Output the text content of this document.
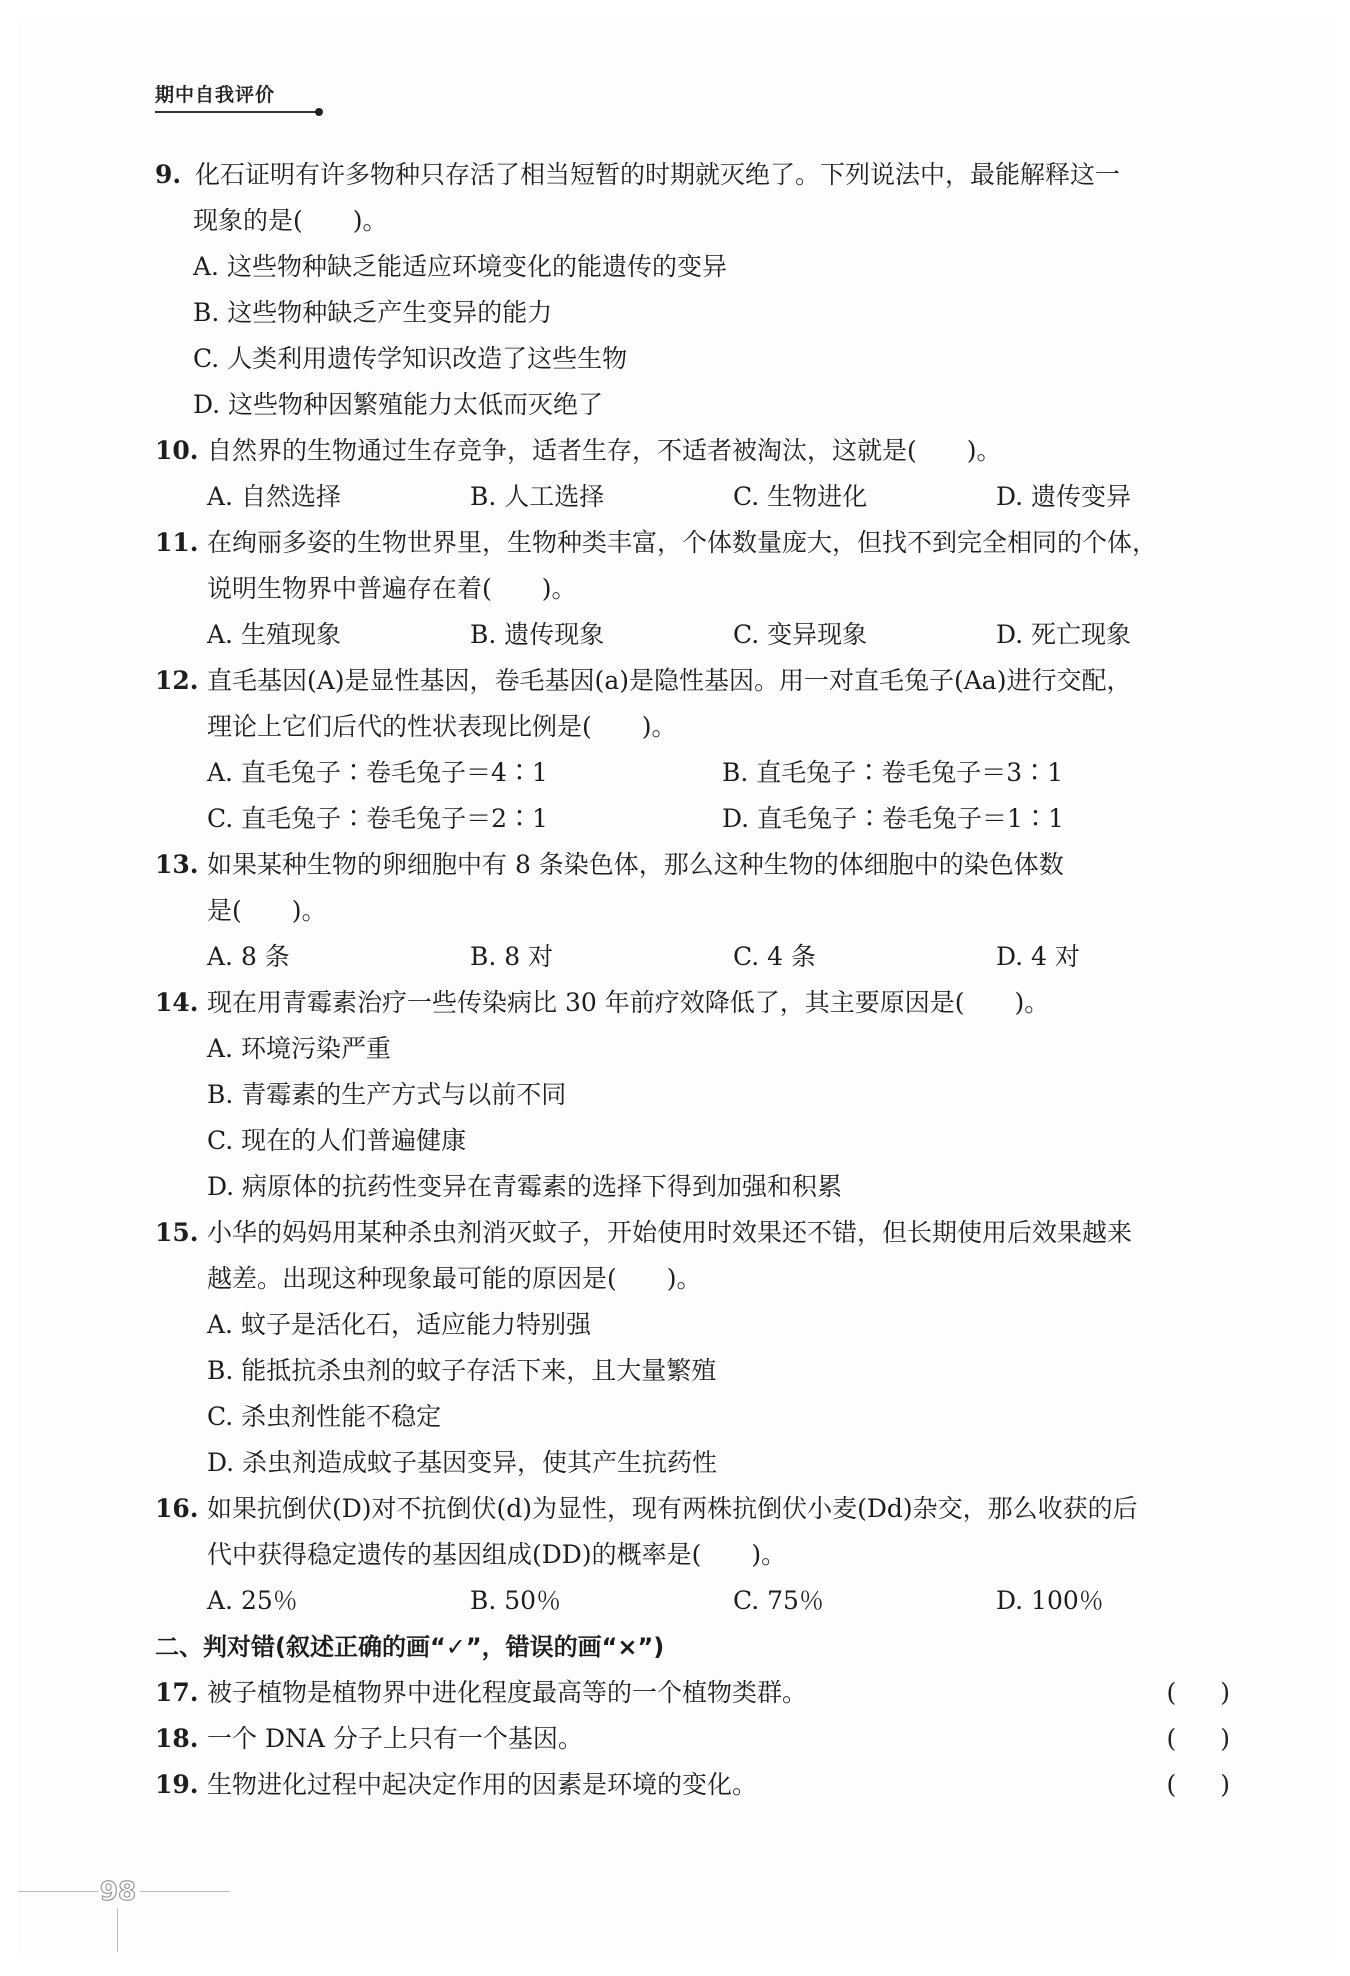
期中自我评价
9. 化石证明有许多物种只存活了相当短暂的时期就灭绝了。下列说法中，最能解释这一
现象的是(　　)。
A. 这些物种缺乏能适应环境变化的能遗传的变异
B. 这些物种缺乏产生变异的能力
C. 人类利用遗传学知识改造了这些生物
D. 这些物种因繁殖能力太低而灭绝了
10. 自然界的生物通过生存竞争，适者生存，不适者被淘汰，这就是(　　)。
A. 自然选择	B. 人工选择	C. 生物进化	D. 遗传变异
11. 在绚丽多姿的生物世界里，生物种类丰富，个体数量庞大，但找不到完全相同的个体，
说明生物界中普遍存在着(　　)。
A. 生殖现象	B. 遗传现象	C. 变异现象	D. 死亡现象
12. 直毛基因(A)是显性基因，卷毛基因(a)是隐性基因。用一对直毛兔子(Aa)进行交配，
理论上它们后代的性状表现比例是(　　)。
A. 直毛兔子∶卷毛兔子＝4∶1	B. 直毛兔子∶卷毛兔子＝3∶1
C. 直毛兔子∶卷毛兔子＝2∶1	D. 直毛兔子∶卷毛兔子＝1∶1
13. 如果某种生物的卵细胞中有 8 条染色体，那么这种生物的体细胞中的染色体数
是(　　)。
A. 8 条	B. 8 对	C. 4 条	D. 4 对
14. 现在用青霉素治疗一些传染病比 30 年前疗效降低了，其主要原因是(　　)。
A. 环境污染严重
B. 青霉素的生产方式与以前不同
C. 现在的人们普遍健康
D. 病原体的抗药性变异在青霉素的选择下得到加强和积累
15. 小华的妈妈用某种杀虫剂消灭蚊子，开始使用时效果还不错，但长期使用后效果越来
越差。出现这种现象最可能的原因是(　　)。
A. 蚊子是活化石，适应能力特别强
B. 能抵抗杀虫剂的蚊子存活下来，且大量繁殖
C. 杀虫剂性能不稳定
D. 杀虫剂造成蚊子基因变异，使其产生抗药性
16. 如果抗倒伏(D)对不抗倒伏(d)为显性，现有两株抗倒伏小麦(Dd)杂交，那么收获的后
代中获得稳定遗传的基因组成(DD)的概率是(　　)。
A. 25％	B. 50％	C. 75％	D. 100％
二、判对错(叙述正确的画“✓”，错误的画“×”)
17. 被子植物是植物界中进化程度最高等的一个植物类群。	( )
18. 一个 DNA 分子上只有一个基因。	( )
19. 生物进化过程中起决定作用的因素是环境的变化。	( )
98
